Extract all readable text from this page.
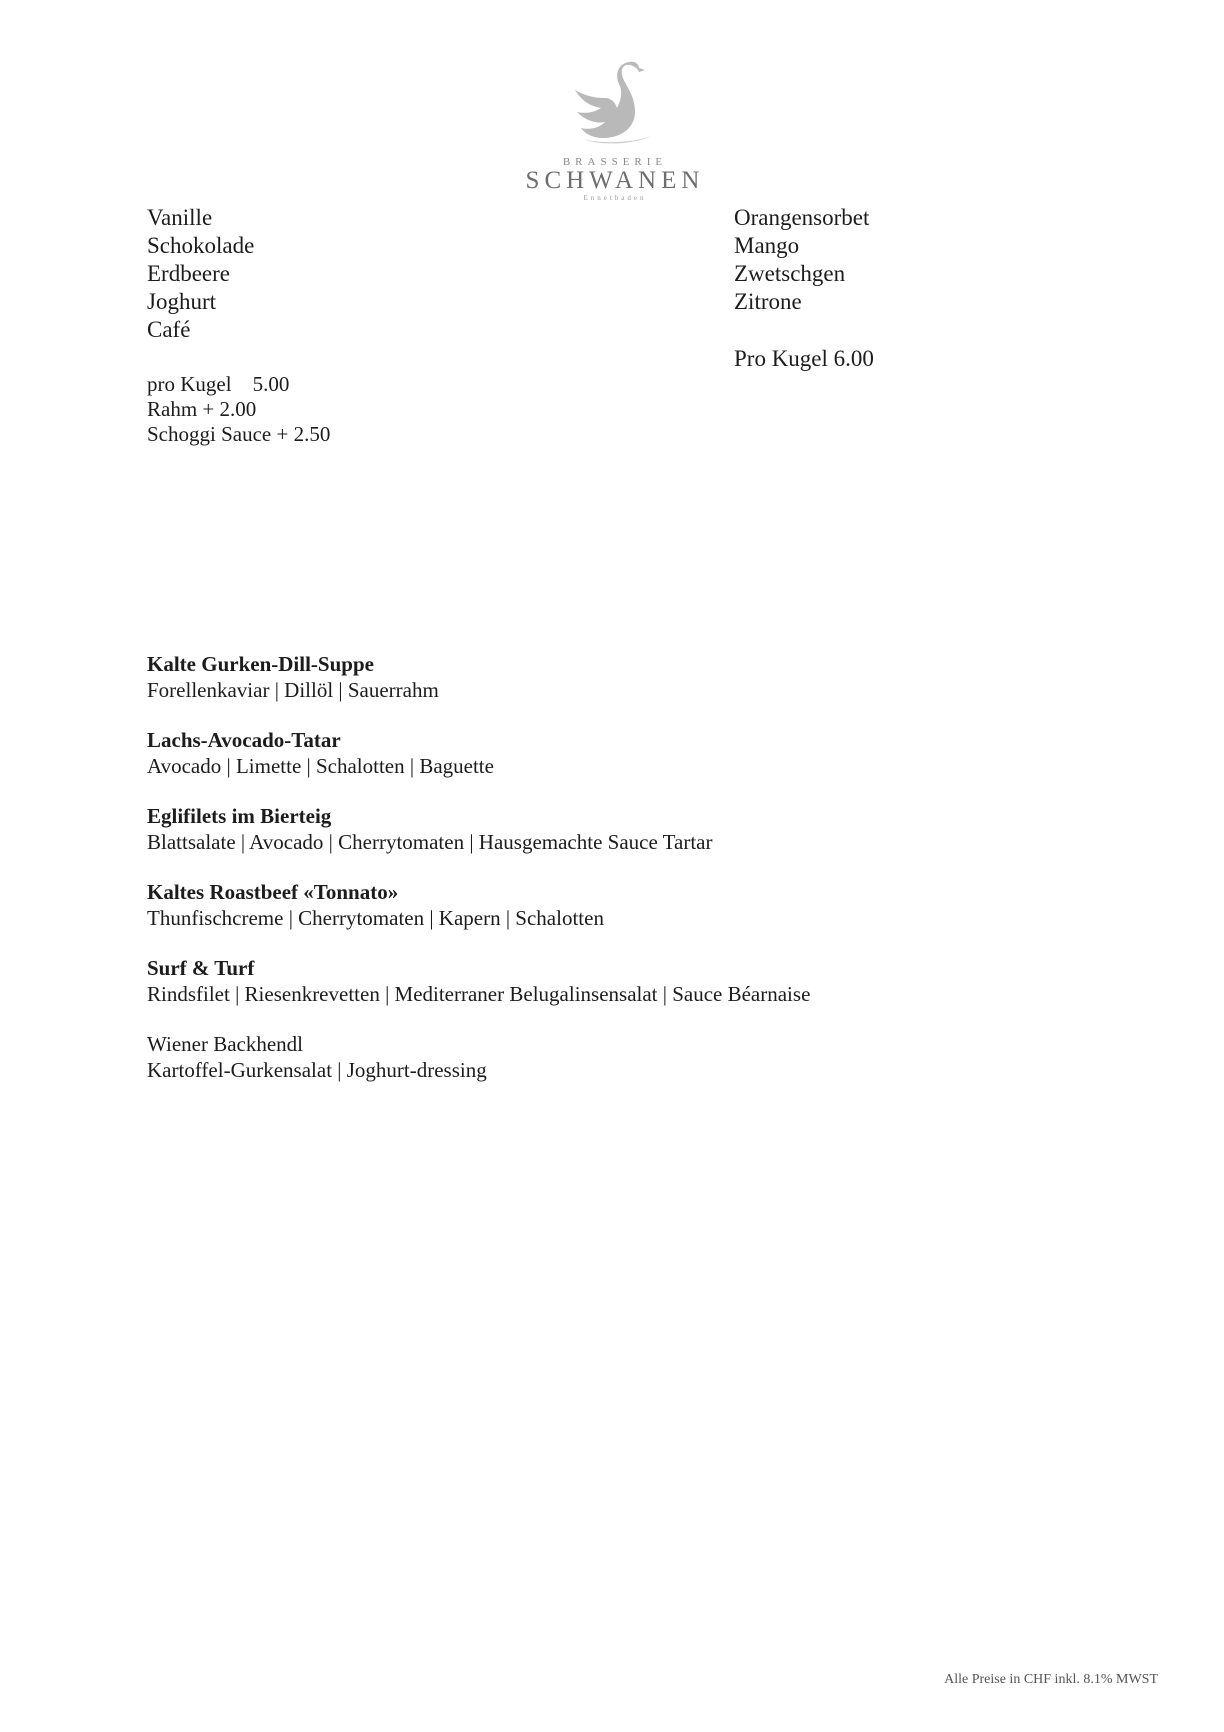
BRASSERIE
SCHWANEN
Ennetbaden
Vanille
Schokolade
Erdbeere
Joghurt
Café
pro Kugel    5.00
Rahm + 2.00
Schoggi Sauce + 2.50
Orangensorbet
Mango
Zwetschgen
Zitrone
Pro Kugel 6.00
Kalte Gurken-Dill-Suppe
Forellenkaviar | Dillöl | Sauerrahm
Lachs-Avocado-Tatar
Avocado | Limette | Schalotten | Baguette
Eglifilets im Bierteig
Blattsalate | Avocado | Cherrytomaten | Hausgemachte Sauce Tartar
Kaltes Roastbeef «Tonnato»
Thunfischcreme | Cherrytomaten | Kapern | Schalotten
Surf & Turf
Rindsfilet | Riesenkrevetten | Mediterraner Belugalinsensalat | Sauce Béarnaise
Wiener Backhendl
Kartoffel-Gurkensalat | Joghurt-dressing
Alle Preise in CHF inkl. 8.1% MWST
